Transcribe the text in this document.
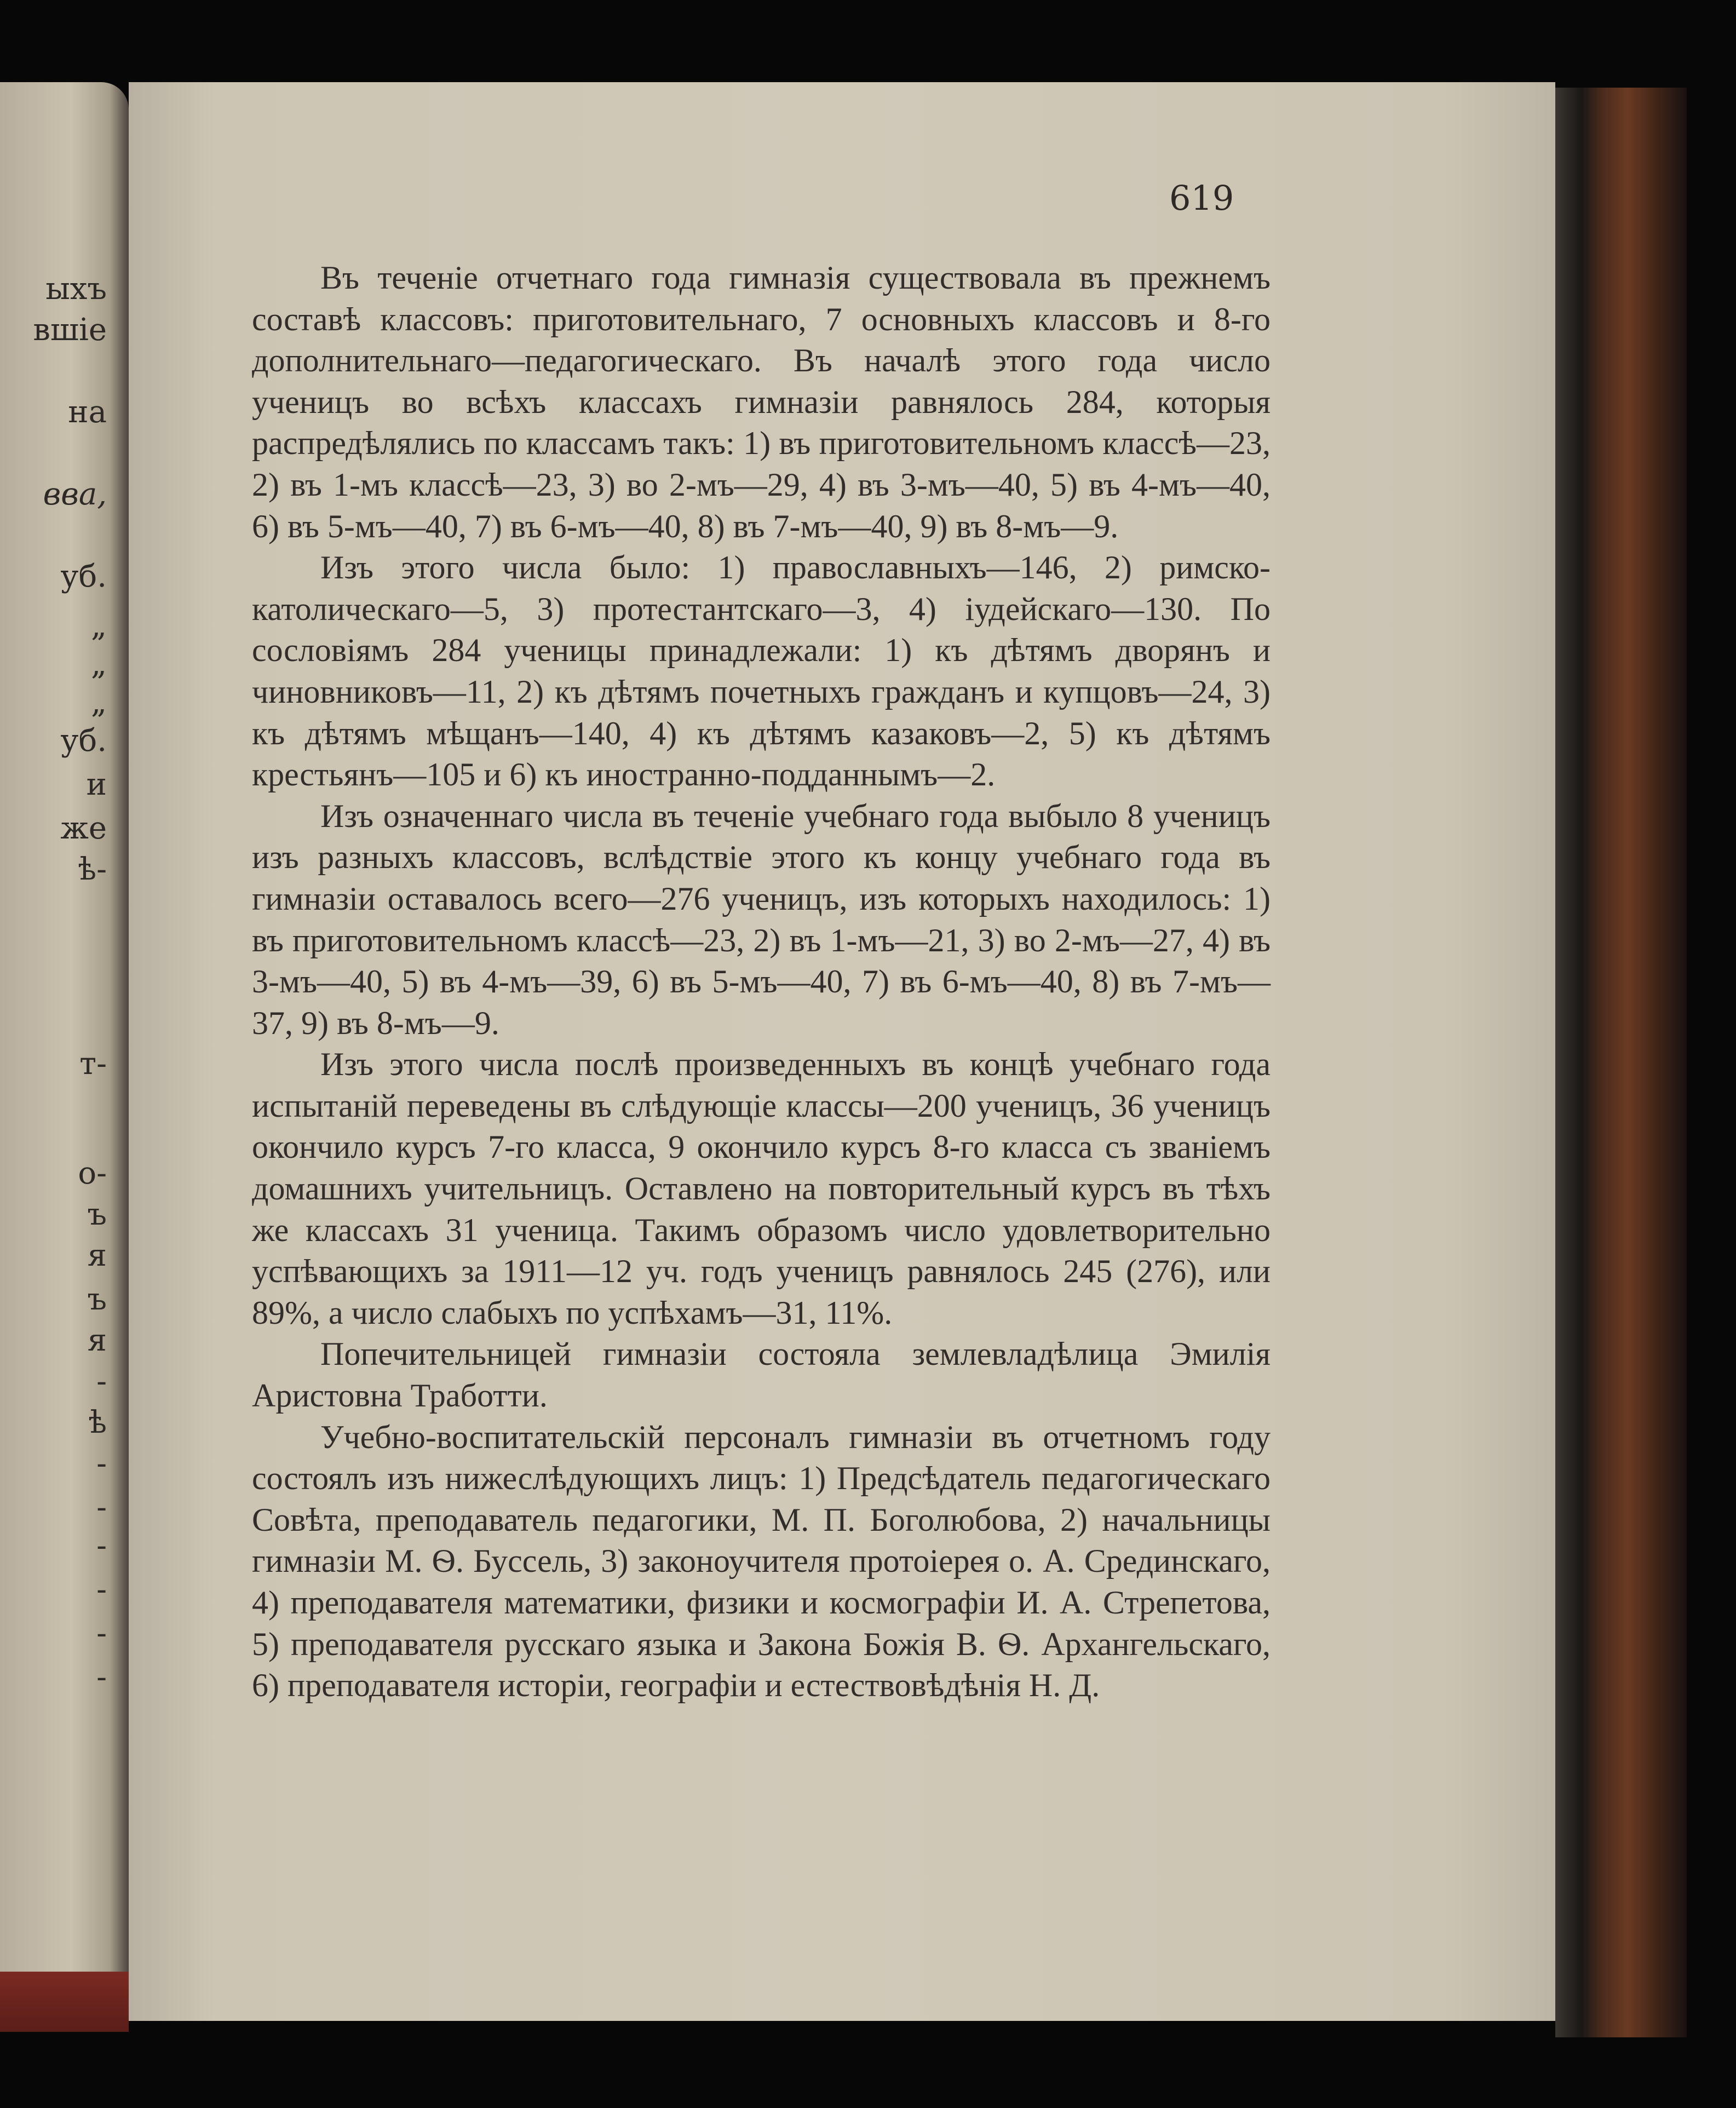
ыхъ
вшіе
на
вва,
уб.
„
„
„
уб.
и
же
ѣ-
т-
о-
ъ
я
ъ
я
-
ѣ
-
-
-
-
-
-
619

Въ теченіе отчетнаго года гимназія существовала въ прежнемъ составѣ классовъ: приготовительнаго, 7 основныхъ классовъ и 8-го дополнительнаго—педагогическаго. Въ началѣ этого года число ученицъ во всѣхъ классахъ гимназіи равнялось 284, которыя распредѣлялись по классамъ такъ: 1) въ приготовительномъ классѣ—23, 2) въ 1-мъ классѣ—23, 3) во 2-мъ—29, 4) въ 3-мъ—40, 5) въ 4-мъ—40, 6) въ 5-мъ—40, 7) въ 6-мъ—40, 8) въ 7-мъ—40, 9) въ 8-мъ—9.

Изъ этого числа было: 1) православныхъ—146, 2) римско-католическаго—5, 3) протестантскаго—3, 4) іудейскаго—130. По сословіямъ 284 ученицы принадлежали: 1) къ дѣтямъ дворянъ и чиновниковъ—11, 2) къ дѣтямъ почетныхъ гражданъ и купцовъ—24, 3) къ дѣтямъ мѣщанъ—140, 4) къ дѣтямъ казаковъ—2, 5) къ дѣтямъ крестьянъ—105 и 6) къ иностранно-подданнымъ—2.

Изъ означеннаго числа въ теченіе учебнаго года выбыло 8 ученицъ изъ разныхъ классовъ, вслѣдствіе этого къ концу учебнаго года въ гимназіи оставалось всего—276 ученицъ, изъ которыхъ находилось: 1) въ приготовительномъ классѣ—23, 2) въ 1-мъ—21, 3) во 2-мъ—27, 4) въ 3-мъ—40, 5) въ 4-мъ—39, 6) въ 5-мъ—40, 7) въ 6-мъ—40, 8) въ 7-мъ—37, 9) въ 8-мъ—9.

Изъ этого числа послѣ произведенныхъ въ концѣ учебнаго года испытаній переведены въ слѣдующіе классы—200 ученицъ, 36 ученицъ окончило курсъ 7-го класса, 9 окончило курсъ 8-го класса съ званіемъ домашнихъ учительницъ. Оставлено на повторительный курсъ въ тѣхъ же классахъ 31 ученица. Такимъ образомъ число удовлетворительно успѣвающихъ за 1911—12 уч. годъ ученицъ равнялось 245 (276), или 89%, а число слабыхъ по успѣхамъ—31, 11%.

Попечительницей гимназіи состояла землевладѣлица Эмилія Аристовна Тработти.

Учебно-воспитательскій персоналъ гимназіи въ отчетномъ году состоялъ изъ нижеслѣдующихъ лицъ: 1) Предсѣдатель педагогическаго Совѣта, преподаватель педагогики, М. П. Боголюбова, 2) начальницы гимназіи М. Ѳ. Буссель, 3) законоучителя протоіерея о. А. Срединскаго, 4) преподавателя математики, физики и космографіи И. А. Стрепетова, 5) преподавателя русскаго языка и Закона Божія В. Ѳ. Архангельскаго, 6) преподавателя исторіи, географіи и естествовѣдѣнія Н. Д.
